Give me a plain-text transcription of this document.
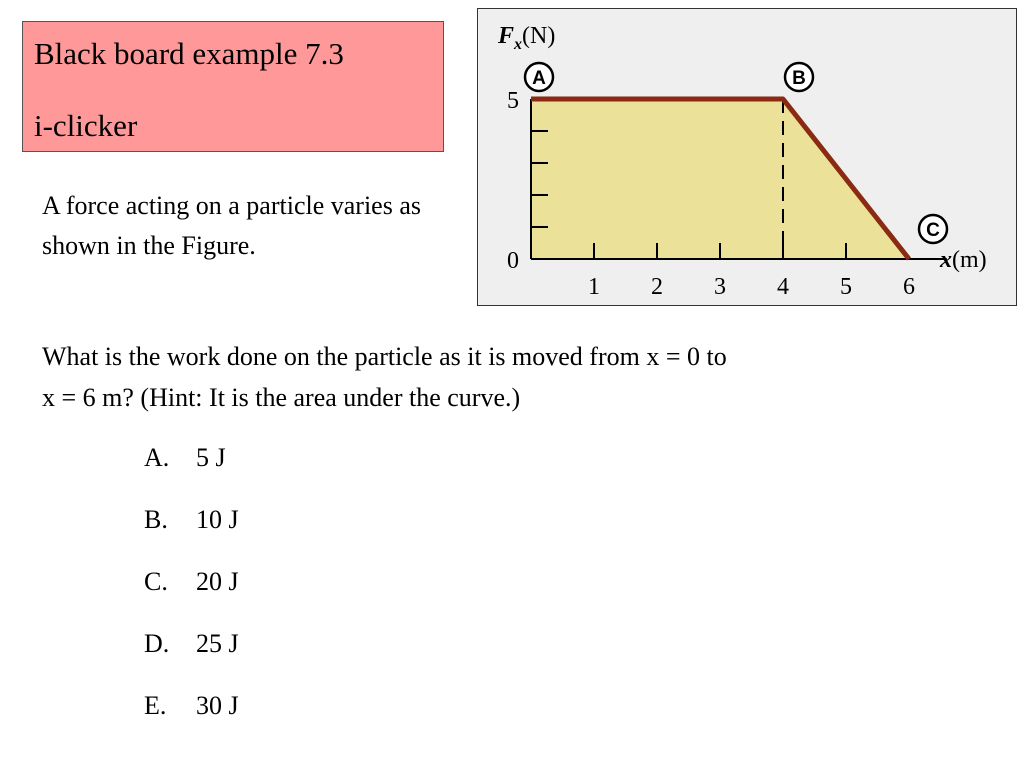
Black board example 7.3
i-clicker
A force acting on a particle varies as shown in the Figure.
1 2 3 4 5 6
0
5
$F_x(N)$
x(m)
A	B
C
What is the work done on the particle as it is moved from x = 0 to
x = 6 m? (Hint: It is the area under the curve.)
A. 5 J
B. 10 J
C. 20 J
D. 25 J
E. 30 J
